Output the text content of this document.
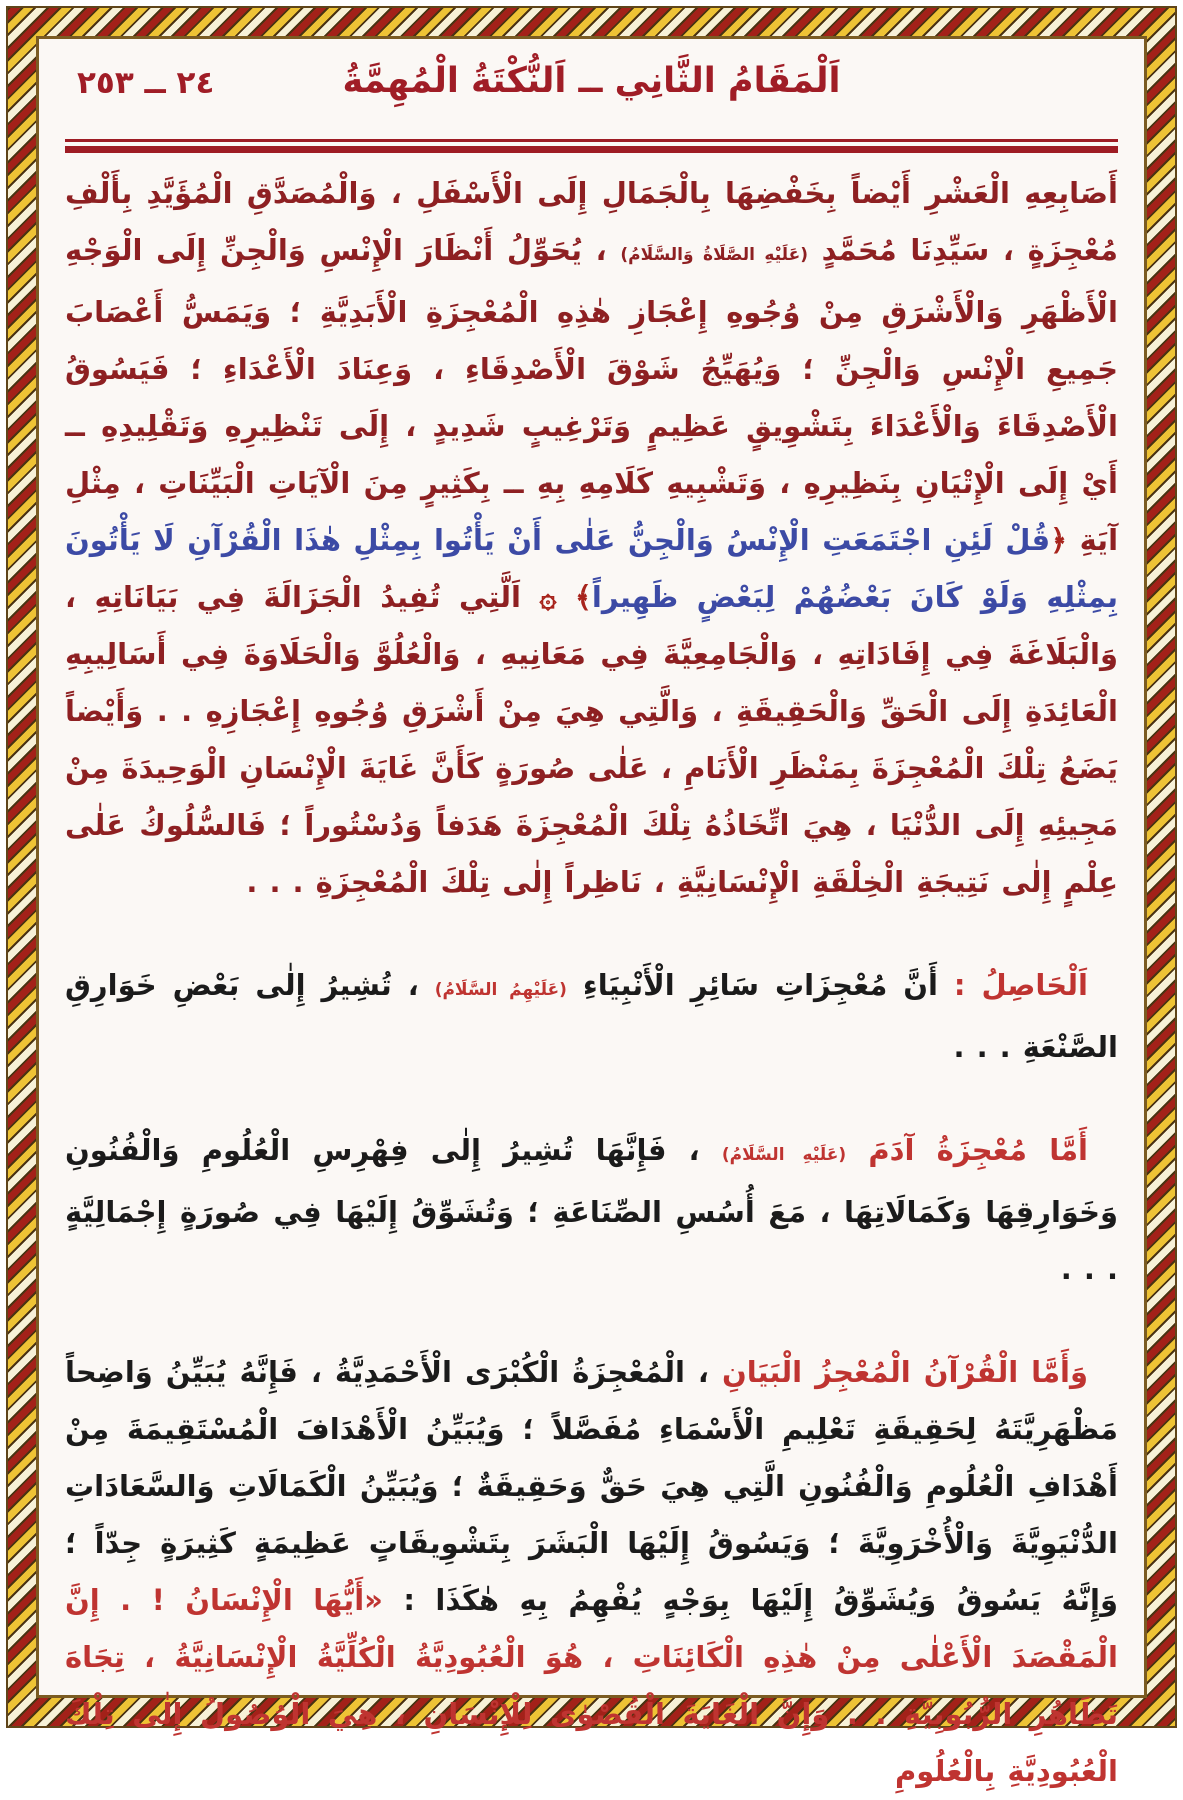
٢٤ ــ ٢٥٣	اَلْمَقَامُ الثَّانِي ــ اَلنُّكْتَةُ الْمُهِمَّةُ

أَصَابِعِهِ الْعَشْرِ أَيْضاً بِخَفْضِهَا بِالْجَمَالِ إِلَى الْأَسْفَلِ ، وَالْمُصَدَّقِ الْمُؤَيَّدِ بِأَلْفِ مُعْجِزَةٍ ، سَيِّدِنَا مُحَمَّدٍ (عَلَيْهِ الصَّلَاةُ وَالسَّلَامُ) ، يُحَوِّلُ أَنْظَارَ الْإِنْسِ وَالْجِنِّ إِلَى الْوَجْهِ الْأَظْهَرِ وَالْأَشْرَقِ مِنْ وُجُوهِ إِعْجَازِ هٰذِهِ الْمُعْجِزَةِ الْأَبَدِيَّةِ ؛ وَيَمَسُّ أَعْصَابَ جَمِيعِ الْإِنْسِ وَالْجِنِّ ؛ وَيُهَيِّجُ شَوْقَ الْأَصْدِقَاءِ ، وَعِنَادَ الْأَعْدَاءِ ؛ فَيَسُوقُ الْأَصْدِقَاءَ وَالْأَعْدَاءَ بِتَشْوِيقٍ عَظِيمٍ وَتَرْغِيبٍ شَدِيدٍ ، إِلَى تَنْظِيرِهِ وَتَقْلِيدِهِ ــ أَيْ إِلَى الْإِتْيَانِ بِنَظِيرِهِ ، وَتَشْبِيهِ كَلَامِهِ بِهِ ــ بِكَثِيرٍ مِنَ الْآيَاتِ الْبَيِّنَاتِ ، مِثْلِ آيَةِ ﴿قُلْ لَئِنِ اجْتَمَعَتِ الْإِنْسُ وَالْجِنُّ عَلٰى أَنْ يَأْتُوا بِمِثْلِ هٰذَا الْقُرْآنِ لَا يَأْتُونَ بِمِثْلِهِ وَلَوْ كَانَ بَعْضُهُمْ لِبَعْضٍ ظَهِيراً﴾ ۞ اَلَّتِي تُفِيدُ الْجَزَالَةَ فِي بَيَانَاتِهِ ، وَالْبَلَاغَةَ فِي إِفَادَاتِهِ ، وَالْجَامِعِيَّةَ فِي مَعَانِيهِ ، وَالْعُلُوَّ وَالْحَلَاوَةَ فِي أَسَالِيبِهِ الْعَائِدَةِ إِلَى الْحَقِّ وَالْحَقِيقَةِ ، وَالَّتِي هِيَ مِنْ أَشْرَقِ وُجُوهِ إِعْجَازِهِ . . وَأَيْضاً يَضَعُ تِلْكَ الْمُعْجِزَةَ بِمَنْظَرِ الْأَنَامِ ، عَلٰى صُورَةٍ كَأَنَّ غَايَةَ الْإِنْسَانِ الْوَحِيدَةَ مِنْ مَجِيئِهِ إِلَى الدُّنْيَا ، هِيَ اتِّخَاذُهُ تِلْكَ الْمُعْجِزَةَ هَدَفاً وَدُسْتُوراً ؛ فَالسُّلُوكُ عَلٰى عِلْمٍ إِلٰى نَتِيجَةِ الْخِلْقَةِ الْإِنْسَانِيَّةِ ، نَاظِراً إِلٰى تِلْكَ الْمُعْجِزَةِ . . .

اَلْحَاصِلُ : أَنَّ مُعْجِزَاتِ سَائِرِ الْأَنْبِيَاءِ (عَلَيْهِمُ السَّلَامُ) ، تُشِيرُ إِلٰى بَعْضِ خَوَارِقِ الصَّنْعَةِ . . .

أَمَّا مُعْجِزَةُ آدَمَ (عَلَيْهِ السَّلَامُ) ، فَإِنَّهَا تُشِيرُ إِلٰى فِهْرِسِ الْعُلُومِ وَالْفُنُونِ وَخَوَارِقِهَا وَكَمَالَاتِهَا ، مَعَ أُسُسِ الصِّنَاعَةِ ؛ وَتُشَوِّقُ إِلَيْهَا فِي صُورَةٍ إِجْمَالِيَّةٍ . . .

وَأَمَّا الْقُرْآنُ الْمُعْجِزُ الْبَيَانِ ، الْمُعْجِزَةُ الْكُبْرَى الْأَحْمَدِيَّةُ ، فَإِنَّهُ يُبَيِّنُ وَاضِحاً مَظْهَرِيَّتَهُ لِحَقِيقَةِ تَعْلِيمِ الْأَسْمَاءِ مُفَصَّلاً ؛ وَيُبَيِّنُ الْأَهْدَافَ الْمُسْتَقِيمَةَ مِنْ أَهْدَافِ الْعُلُومِ وَالْفُنُونِ الَّتِي هِيَ حَقٌّ وَحَقِيقَةٌ ؛ وَيُبَيِّنُ الْكَمَالَاتِ وَالسَّعَادَاتِ الدُّنْيَوِيَّةَ وَالْأُخْرَوِيَّةَ ؛ وَيَسُوقُ إِلَيْهَا الْبَشَرَ بِتَشْوِيقَاتٍ عَظِيمَةٍ كَثِيرَةٍ جِدّاً ؛ وَإِنَّهُ يَسُوقُ وَيُشَوِّقُ إِلَيْهَا بِوَجْهٍ يُفْهِمُ بِهِ هٰكَذَا : «أَيُّهَا الْإِنْسَانُ ! . إِنَّ الْمَقْصَدَ الْأَعْلٰى مِنْ هٰذِهِ الْكَائِنَاتِ ، هُوَ الْعُبُودِيَّةُ الْكُلِّيَّةُ الْإِنْسَانِيَّةُ ، تِجَاهَ تَظَاهُرِ الرُّبُوبِيَّةِ . . وَإِنَّ الْغَايَةَ الْقُصْوٰى لِلْإِنْسَانِ ، هِيَ الْوُصُولُ إِلٰى تِلْكَ الْعُبُودِيَّةِ بِالْعُلُومِ
